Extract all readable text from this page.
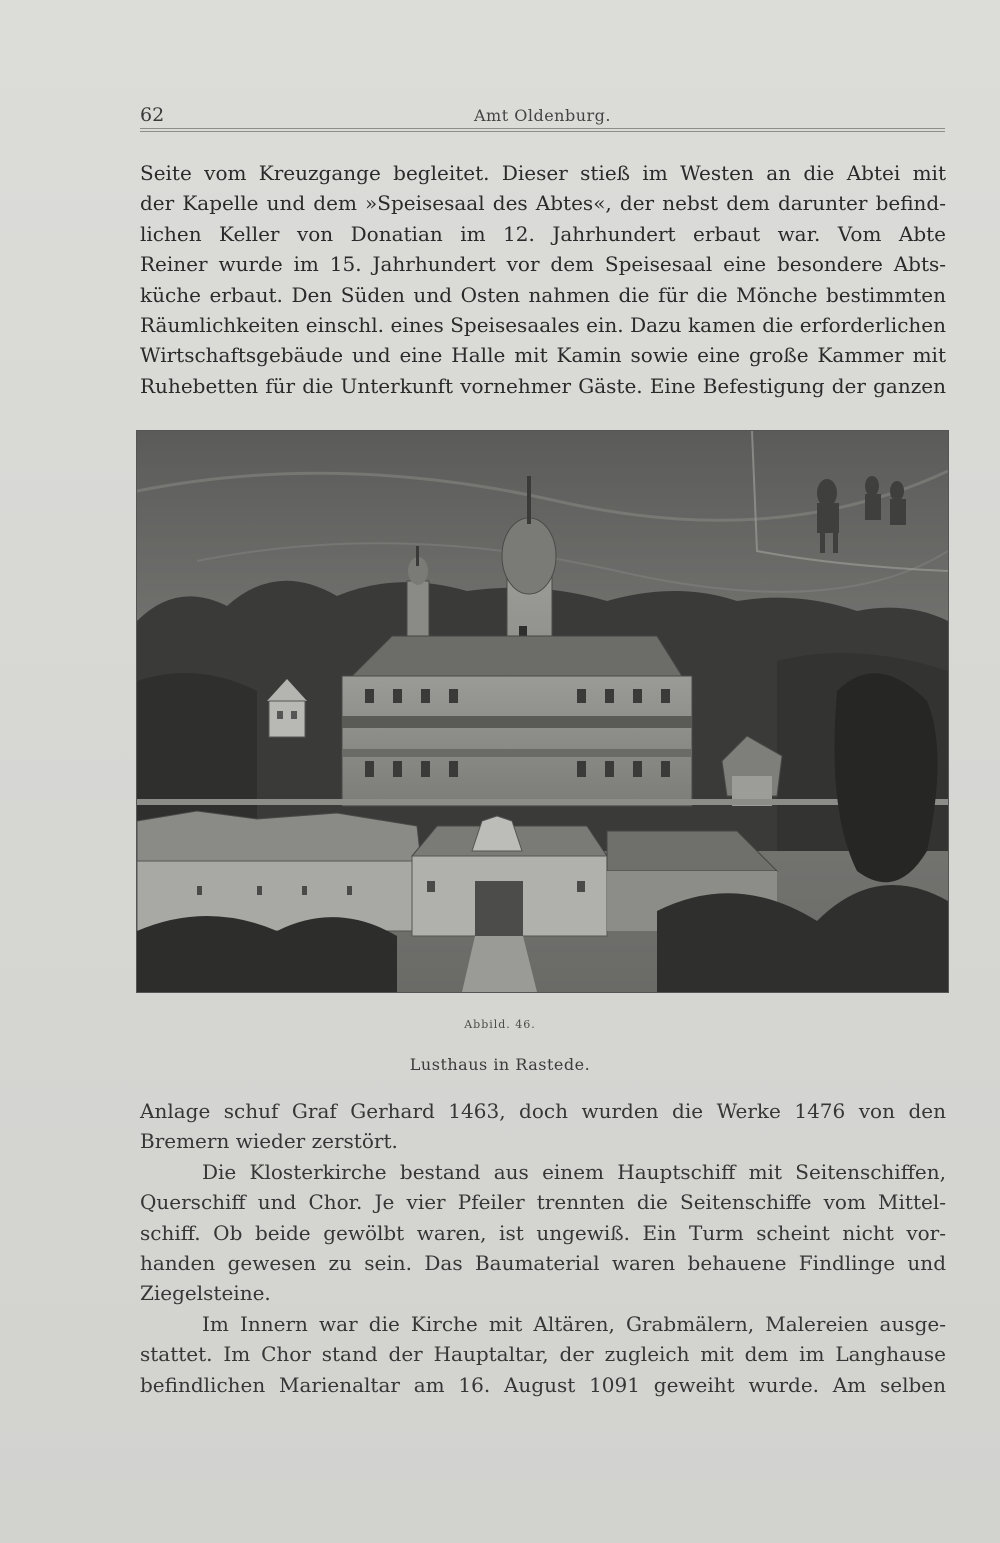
62	Amt Oldenburg.
Seite vom Kreuzgange begleitet. Dieser stieß im Westen an die Abtei mit
der Kapelle und dem »Speisesaal des Abtes«, der nebst dem darunter befind-
lichen Keller von Donatian im 12. Jahrhundert erbaut war. Vom Abte
Reiner wurde im 15. Jahrhundert vor dem Speisesaal eine besondere Abts-
küche erbaut. Den Süden und Osten nahmen die für die Mönche bestimmten
Räumlichkeiten einschl. eines Speisesaales ein. Dazu kamen die erforderlichen
Wirtschaftsgebäude und eine Halle mit Kamin sowie eine große Kammer mit
Ruhebetten für die Unterkunft vornehmer Gäste. Eine Befestigung der ganzen
Abbild. 46.
Lusthaus in Rastede.
Anlage schuf Graf Gerhard 1463, doch wurden die Werke 1476 von den
Bremern wieder zerstört.
Die Klosterkirche bestand aus einem Hauptschiff mit Seitenschiffen,
Querschiff und Chor. Je vier Pfeiler trennten die Seitenschiffe vom Mittel-
schiff. Ob beide gewölbt waren, ist ungewiß. Ein Turm scheint nicht vor-
handen gewesen zu sein. Das Baumaterial waren behauene Findlinge und
Ziegelsteine.
Im Innern war die Kirche mit Altären, Grabmälern, Malereien ausge-
stattet. Im Chor stand der Hauptaltar, der zugleich mit dem im Langhause
befindlichen Marienaltar am 16. August 1091 geweiht wurde. Am selben
